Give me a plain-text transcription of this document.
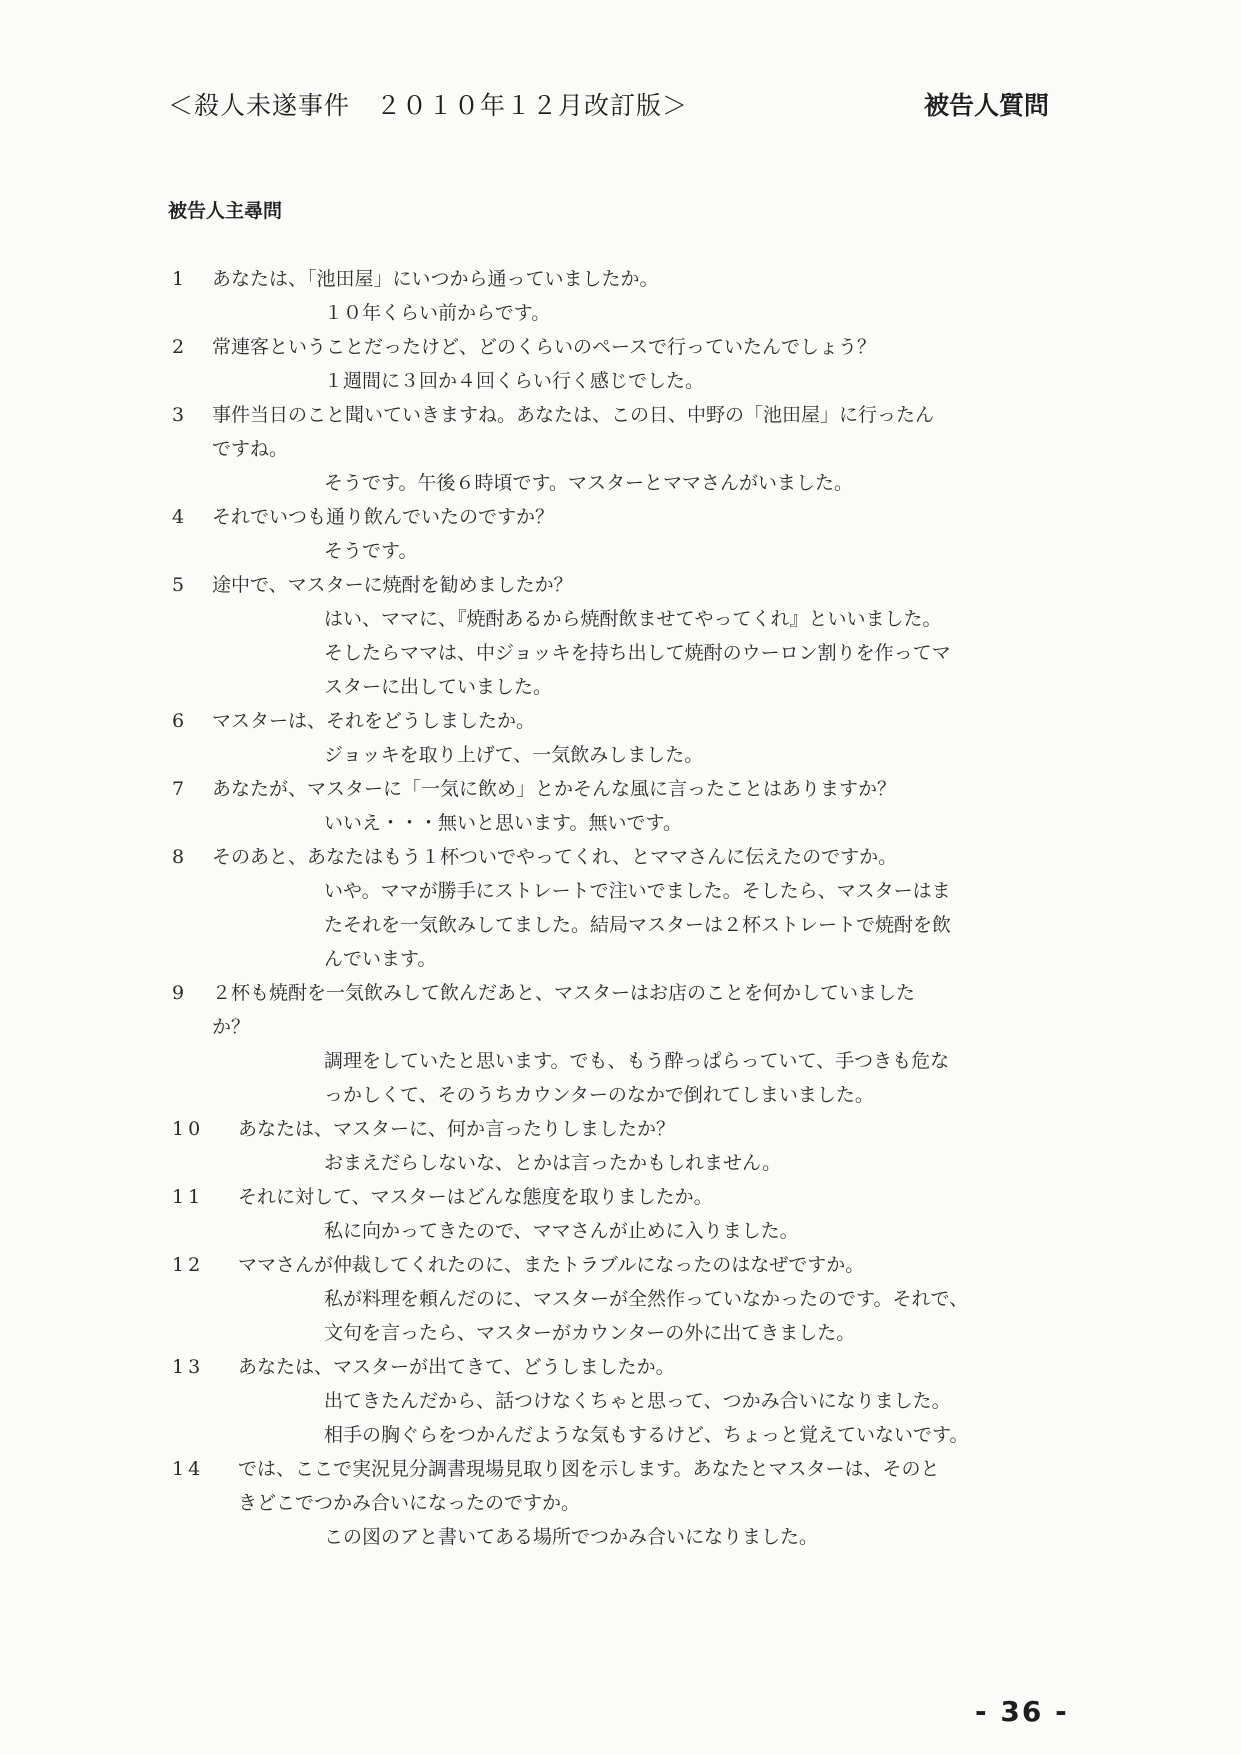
＜殺人未遂事件　２０１０年１２月改訂版＞	被告人質問
被告人主尋問
1 あなたは、「池田屋」にいつから通っていましたか。
１０年くらい前からです。
2 常連客ということだったけど、どのくらいのペースで行っていたんでしょう？
１週間に３回か４回くらい行く感じでした。
3 事件当日のこと聞いていきますね。あなたは、この日、中野の「池田屋」に行ったん
ですね。
そうです。午後６時頃です。マスターとママさんがいました。
4 それでいつも通り飲んでいたのですか？
そうです。
5 途中で、マスターに焼酎を勧めましたか？
はい、ママに、『焼酎あるから焼酎飲ませてやってくれ』といいました。
そしたらママは、中ジョッキを持ち出して焼酎のウーロン割りを作ってマ
スターに出していました。
6 マスターは、それをどうしましたか。
ジョッキを取り上げて、一気飲みしました。
7 あなたが、マスターに「一気に飲め」とかそんな風に言ったことはありますか？
いいえ・・・無いと思います。無いです。
8 そのあと、あなたはもう１杯ついでやってくれ、とママさんに伝えたのですか。
いや。ママが勝手にストレートで注いでました。そしたら、マスターはま
たそれを一気飲みしてました。結局マスターは２杯ストレートで焼酎を飲
んでいます。
9 ２杯も焼酎を一気飲みして飲んだあと、マスターはお店のことを何かしていました
か？
調理をしていたと思います。でも、もう酔っぱらっていて、手つきも危な
っかしくて、そのうちカウンターのなかで倒れてしまいました。
10 あなたは、マスターに、何か言ったりしましたか？
おまえだらしないな、とかは言ったかもしれません。
11 それに対して、マスターはどんな態度を取りましたか。
私に向かってきたので、ママさんが止めに入りました。
12 ママさんが仲裁してくれたのに、またトラブルになったのはなぜですか。
私が料理を頼んだのに、マスターが全然作っていなかったのです。それで、
文句を言ったら、マスターがカウンターの外に出てきました。
13 あなたは、マスターが出てきて、どうしましたか。
出てきたんだから、話つけなくちゃと思って、つかみ合いになりました。
相手の胸ぐらをつかんだような気もするけど、ちょっと覚えていないです。
14 では、ここで実況見分調書現場見取り図を示します。あなたとマスターは、そのと
きどこでつかみ合いになったのですか。
この図のアと書いてある場所でつかみ合いになりました。
- 36 -
